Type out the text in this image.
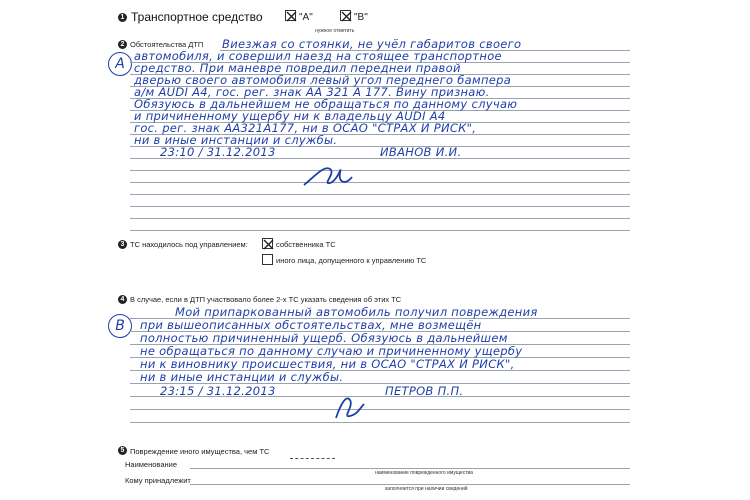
1 Транспортное средство	"A"	"B"
нужное отметить
2 Обстоятельства ДТП
A
Виезжая со стоянки, не учёл габаритов своего
автомобиля, и совершил наезд на стоящее транспортное
средство. При маневре повредил переднеи правой
дверью своего автомобиля левый угол переднего бампера
а/м AUDI A4, гос. рег. знак АА 321 А 177. Вину признаю.
Обязуюсь в дальнейшем не обращаться по данному случаю
и причиненному ущербу ни к владельцу AUDI A4
гос. рег. знак АА321А177, ни в ОСАО "СТРАХ И РИСК",
ни в иные инстанции и службы.
23:10 / 31.12.2013	ИВАНОВ И.И.
3 ТС находилось под управлением:	собственника ТС
иного лица, допущенного к управлению ТС
4 В случае, если в ДТП участвовало более 2-х ТС указать сведения об этих ТС
B
Мой припаркованный автомобиль получил повреждения
при вышеописанных обстоятельствах, мне возмещён
полностью причиненный ущерб. Обязуюсь в дальнейшем
не обращаться по данному случаю и причиненному ущербу
ни к виновнику происшествия, ни в ОСАО "СТРАХ И РИСК",
ни в иные инстанции и службы.
23:15 / 31.12.2013	ПЕТРОВ П.П.
5 Повреждение иного имущества, чем ТС
Наименование
наименование поврежденного имущества
Кому принадлежит
заполняется при наличии сведений
